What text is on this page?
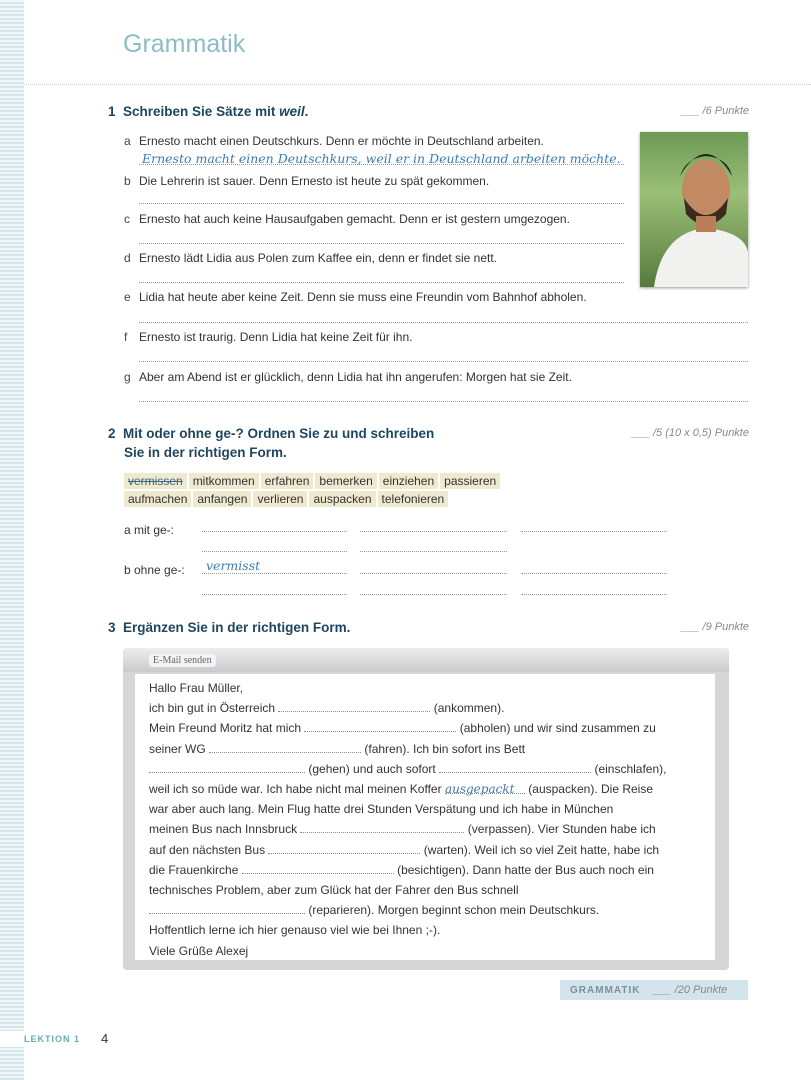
Grammatik
1 Schreiben Sie Sätze mit weil.	___ /6 Punkte
a Ernesto macht einen Deutschkurs. Denn er möchte in Deutschland arbeiten.
b Die Lehrerin ist sauer. Denn Ernesto ist heute zu spät gekommen.
c Ernesto hat auch keine Hausaufgaben gemacht. Denn er ist gestern umgezogen.
d Ernesto lädt Lidia aus Polen zum Kaffee ein, denn er findet sie nett.
e Lidia hat heute aber keine Zeit. Denn sie muss eine Freundin vom Bahnhof abholen.
f Ernesto ist traurig. Denn Lidia hat keine Zeit für ihn.
g Aber am Abend ist er glücklich, denn Lidia hat ihn angerufen: Morgen hat sie Zeit.
Ernesto macht einen Deutschkurs, weil er in Deutschland arbeiten möchte.
2 Mit oder ohne ge-? Ordnen Sie zu und schreiben
Sie in der richtigen Form.
___ /5 (10 x 0,5) Punkte
vermissen mitkommen erfahren bemerken einziehen passieren
aufmachen anfangen verlieren auspacken telefonieren
a mit ge-:
b ohne ge-: vermisst
3 Ergänzen Sie in der richtigen Form.	___ /9 Punkte
E-Mail senden
Hallo Frau Müller,
ich bin gut in Österreich	(ankommen).
Mein Freund Moritz hat mich	(abholen) und wir sind zusammen zu
seiner WG	(fahren). Ich bin sofort ins Bett
(gehen) und auch sofort	(einschlafen),
weil ich so müde war. Ich habe nicht mal meinen Koffer ausgepackt (auspacken). Die Reise
war aber auch lang. Mein Flug hatte drei Stunden Verspätung und ich habe in München
meinen Bus nach Innsbruck	(verpassen). Vier Stunden habe ich
auf den nächsten Bus	(warten). Weil ich so viel Zeit hatte, habe ich
die Frauenkirche	(besichtigen). Dann hatte der Bus auch noch ein
technisches Problem, aber zum Glück hat der Fahrer den Bus schnell
(reparieren). Morgen beginnt schon mein Deutschkurs.
Hoffentlich lerne ich hier genauso viel wie bei Ihnen ;-).
Viele Grüße Alexej
GRAMMATIK ___ /20 Punkte
LEKTION 1 4
